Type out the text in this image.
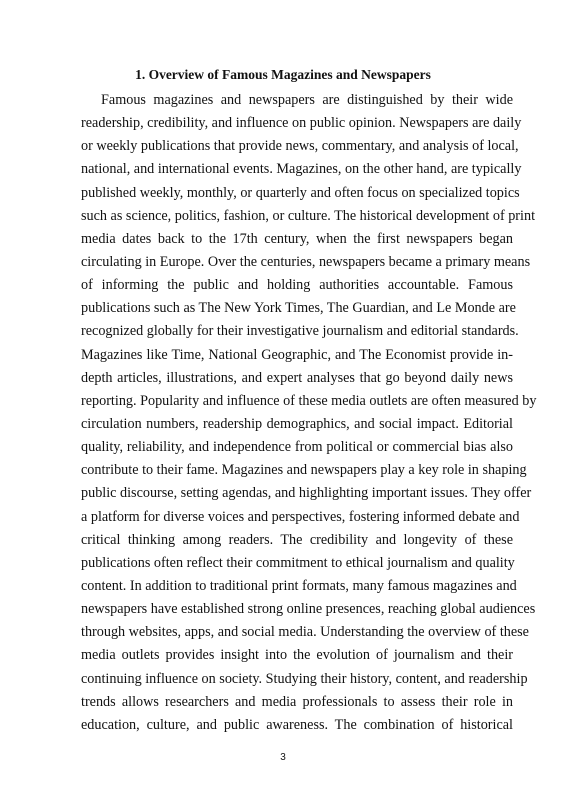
1. Overview of Famous Magazines and Newspapers
Famous magazines and newspapers are distinguished by their wide
readership, credibility, and influence on public opinion. Newspapers are daily
or weekly publications that provide news, commentary, and analysis of local,
national, and international events. Magazines, on the other hand, are typically
published weekly, monthly, or quarterly and often focus on specialized topics
such as science, politics, fashion, or culture. The historical development of print
media dates back to the 17th century, when the first newspapers began
circulating in Europe. Over the centuries, newspapers became a primary means
of informing the public and holding authorities accountable. Famous
publications such as The New York Times, The Guardian, and Le Monde are
recognized globally for their investigative journalism and editorial standards.
Magazines like Time, National Geographic, and The Economist provide in-
depth articles, illustrations, and expert analyses that go beyond daily news
reporting. Popularity and influence of these media outlets are often measured by
circulation numbers, readership demographics, and social impact. Editorial
quality, reliability, and independence from political or commercial bias also
contribute to their fame. Magazines and newspapers play a key role in shaping
public discourse, setting agendas, and highlighting important issues. They offer
a platform for diverse voices and perspectives, fostering informed debate and
critical thinking among readers. The credibility and longevity of these
publications often reflect their commitment to ethical journalism and quality
content. In addition to traditional print formats, many famous magazines and
newspapers have established strong online presences, reaching global audiences
through websites, apps, and social media. Understanding the overview of these
media outlets provides insight into the evolution of journalism and their
continuing influence on society. Studying their history, content, and readership
trends allows researchers and media professionals to assess their role in
education, culture, and public awareness. The combination of historical
3
